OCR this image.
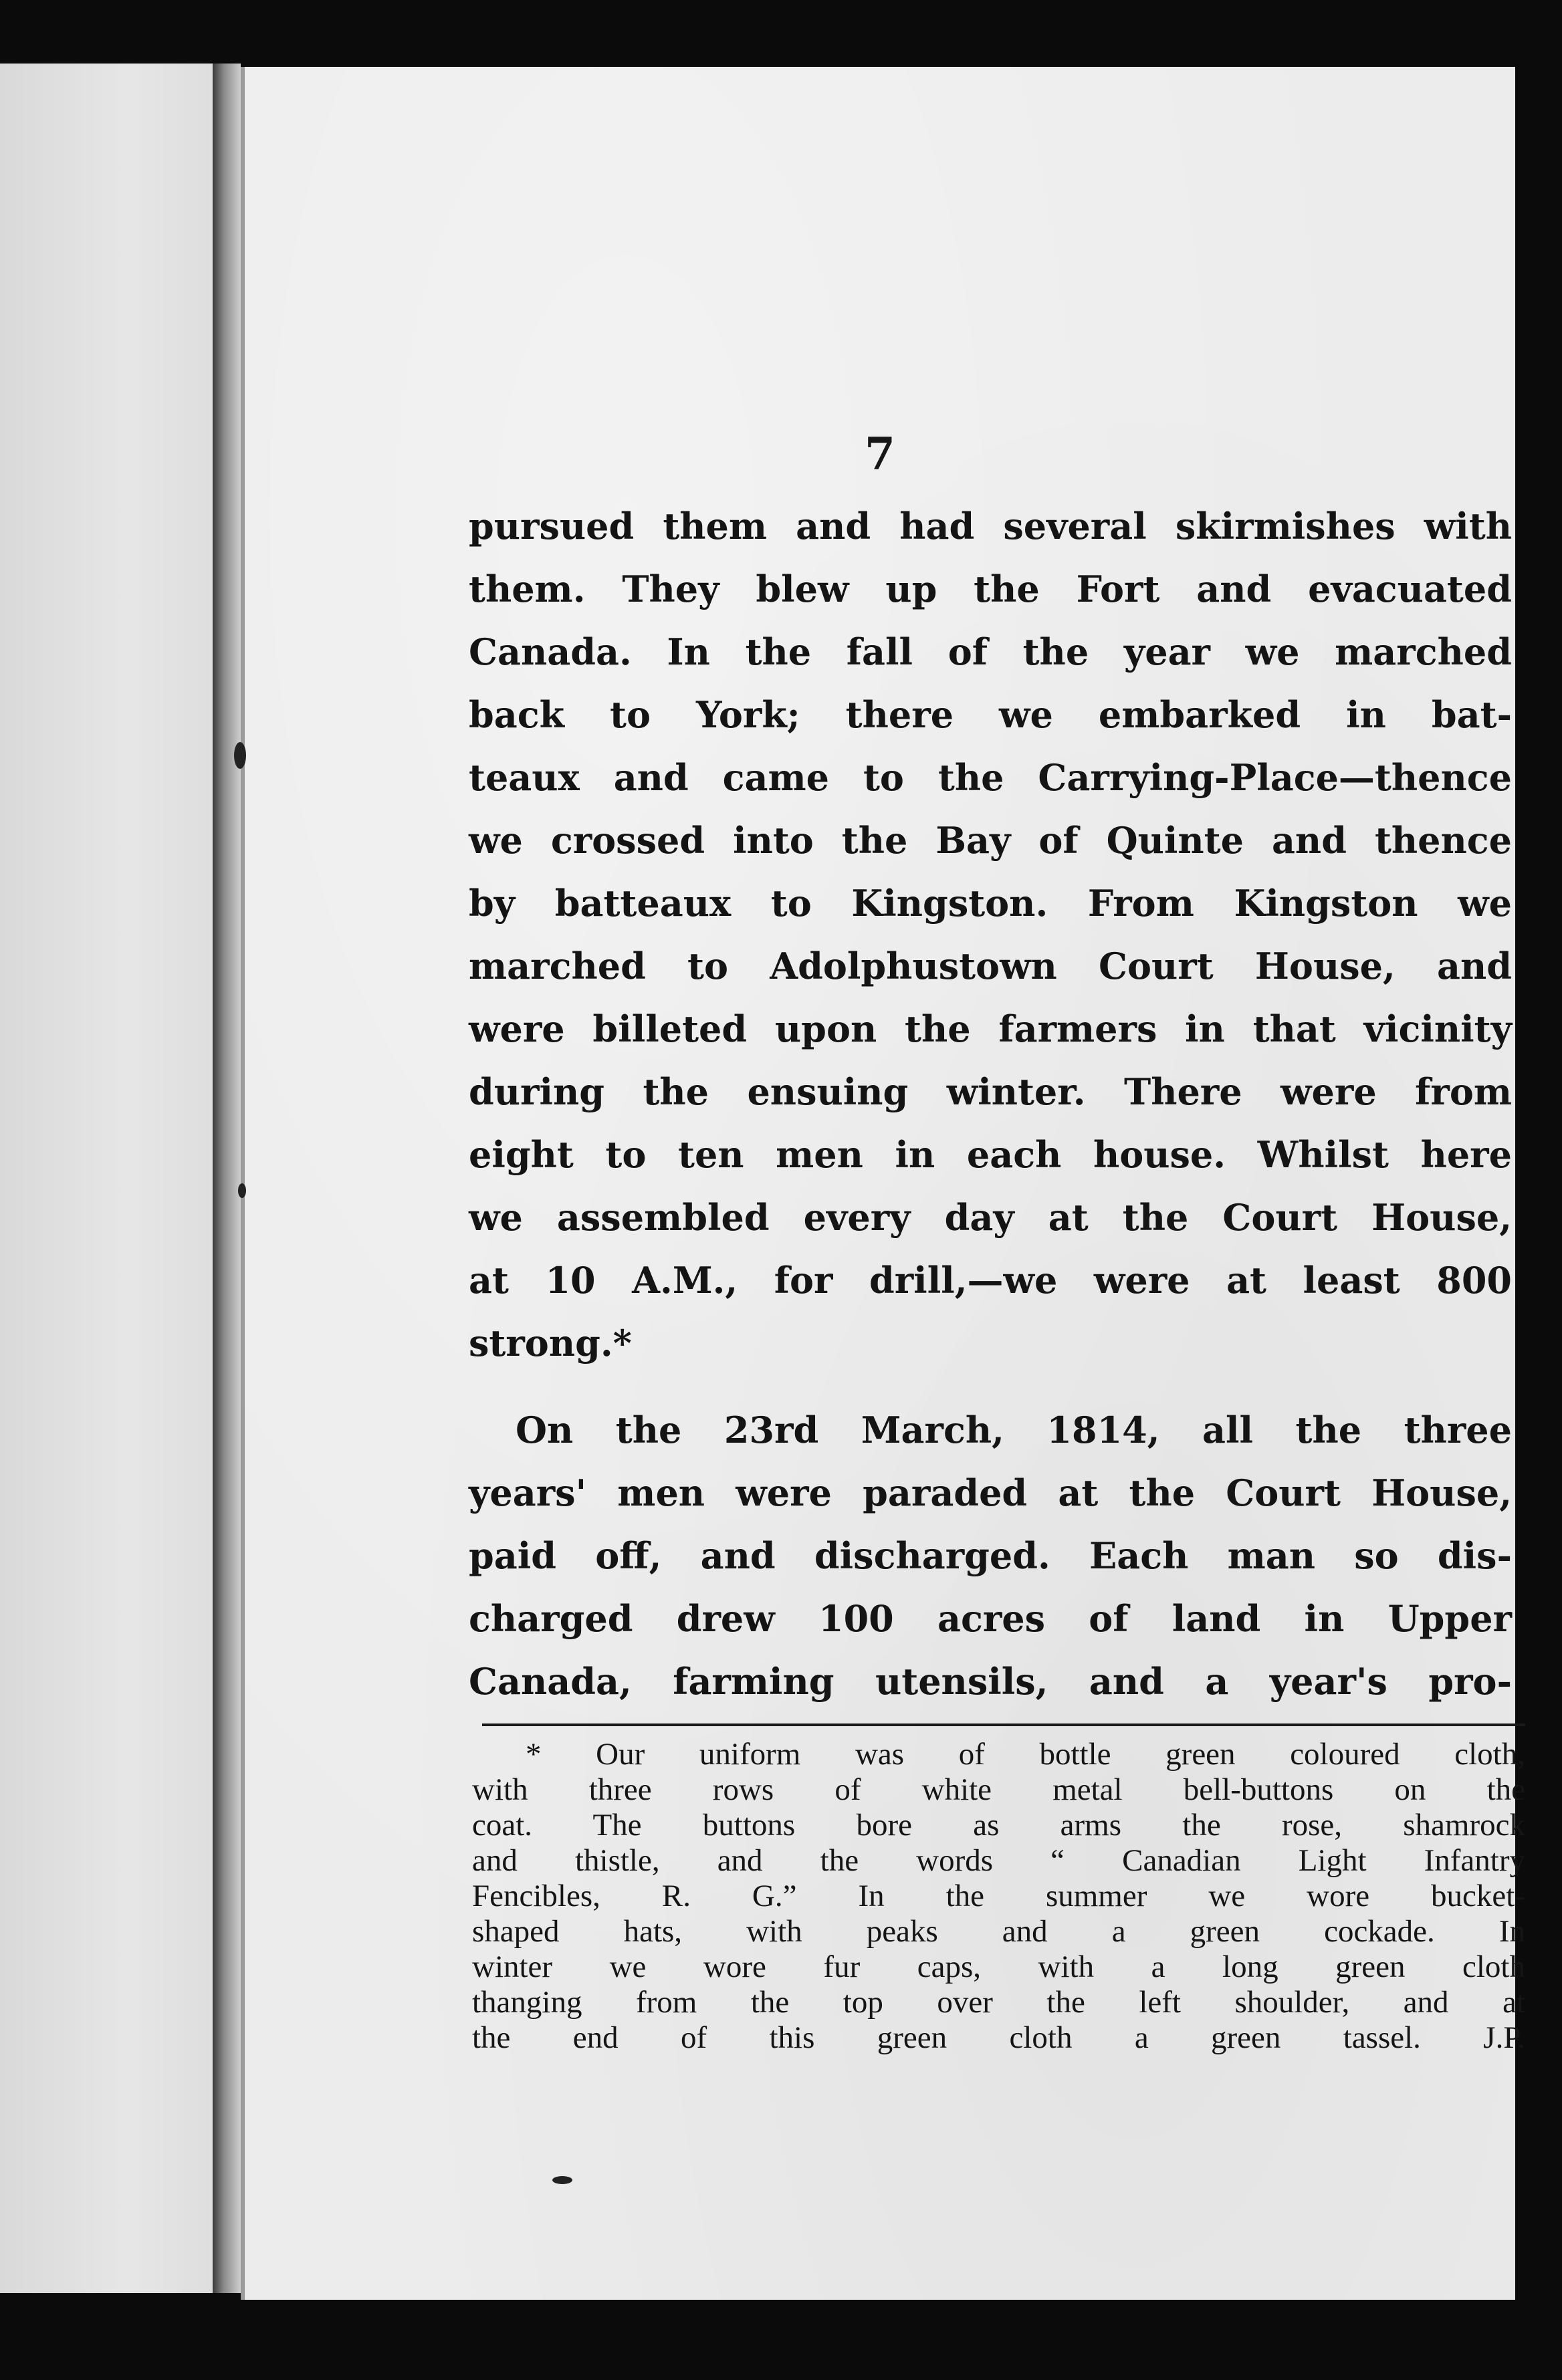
7
pursued them and had several skirmishes with
them. They blew up the Fort and evacuated
Canada. In the fall of the year we marched
back to York; there we embarked in bat-
teaux and came to the Carrying-Place—thence
we crossed into the Bay of Quinte and thence
by batteaux to Kingston. From Kingston we
marched to Adolphustown Court House, and
were billeted upon the farmers in that vicinity
during the ensuing winter. There were from
eight to ten men in each house. Whilst here
we assembled every day at the Court House,
at 10 A.M., for drill,—we were at least 800
strong.*
On the 23rd March, 1814, all the three
years' men were paraded at the Court House,
paid off, and discharged. Each man so dis-
charged drew 100 acres of land in Upper
Canada, farming utensils, and a year's pro-
* Our uniform was of bottle green coloured cloth,
with three rows of white metal bell-buttons on the
coat. The buttons bore as arms the rose, shamrock
and thistle, and the words “ Canadian Light Infantry
Fencibles, R. G.” In the summer we wore bucket-
shaped hats, with peaks and a green cockade. In
winter we wore fur caps, with a long green cloth
thanging from the top over the left shoulder, and at
the end of this green cloth a green tassel. J.P.
